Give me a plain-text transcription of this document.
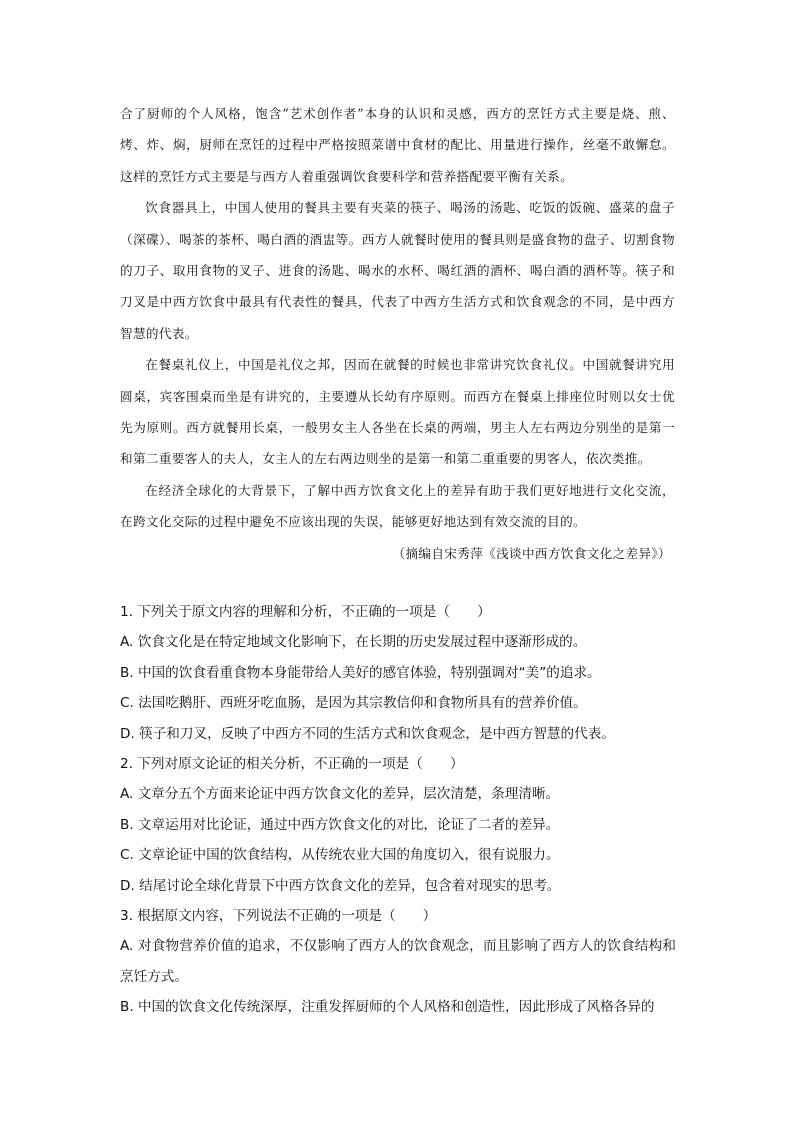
合了厨师的个人风格，饱含“艺术创作者”本身的认识和灵感，西方的烹饪方式主要是烧、煎、烤、炸、焖，厨师在烹饪的过程中严格按照菜谱中食材的配比、用量进行操作，丝毫不敢懈怠。这样的烹饪方式主要是与西方人着重强调饮食要科学和营养搭配要平衡有关系。

饮食器具上，中国人使用的餐具主要有夹菜的筷子、喝汤的汤匙、吃饭的饭碗、盛菜的盘子（深碟）、喝茶的茶杯、喝白酒的酒盅等。西方人就餐时使用的餐具则是盛食物的盘子、切割食物的刀子、取用食物的叉子、进食的汤匙、喝水的水杯、喝红酒的酒杯、喝白酒的酒杯等。筷子和刀叉是中西方饮食中最具有代表性的餐具，代表了中西方生活方式和饮食观念的不同，是中西方智慧的代表。

在餐桌礼仪上，中国是礼仪之邦，因而在就餐的时候也非常讲究饮食礼仪。中国就餐讲究用圆桌，宾客围桌而坐是有讲究的，主要遵从长幼有序原则。而西方在餐桌上排座位时则以女士优先为原则。西方就餐用长桌，一般男女主人各坐在长桌的两端，男主人左右两边分别坐的是第一和第二重要客人的夫人，女主人的左右两边则坐的是第一和第二重重要的男客人，依次类推。

在经济全球化的大背景下，了解中西方饮食文化上的差异有助于我们更好地进行文化交流，在跨文化交际的过程中避免不应该出现的失误，能够更好地达到有效交流的目的。

（摘编自宋秀萍《浅谈中西方饮食文化之差异》）

1. 下列关于原文内容的理解和分析，不正确的一项是（　　）

A. 饮食文化是在特定地域文化影响下，在长期的历史发展过程中逐渐形成的。

B. 中国的饮食看重食物本身能带给人美好的感官体验，特别强调对“美”的追求。

C. 法国吃鹅肝、西班牙吃血肠，是因为其宗教信仰和食物所具有的营养价值。

D. 筷子和刀叉，反映了中西方不同的生活方式和饮食观念，是中西方智慧的代表。

2. 下列对原文论证的相关分析，不正确的一项是（　　）

A. 文章分五个方面来论证中西方饮食文化的差异，层次清楚，条理清晰。

B. 文章运用对比论证，通过中西方饮食文化的对比，论证了二者的差异。

C. 文章论证中国的饮食结构，从传统农业大国的角度切入，很有说服力。

D. 结尾讨论全球化背景下中西方饮食文化的差异，包含着对现实的思考。

3. 根据原文内容，下列说法不正确的一项是（　　）

A. 对食物营养价值的追求，不仅影响了西方人的饮食观念，而且影响了西方人的饮食结构和烹饪方式。

B. 中国的饮食文化传统深厚，注重发挥厨师的个人风格和创造性，因此形成了风格各异的
